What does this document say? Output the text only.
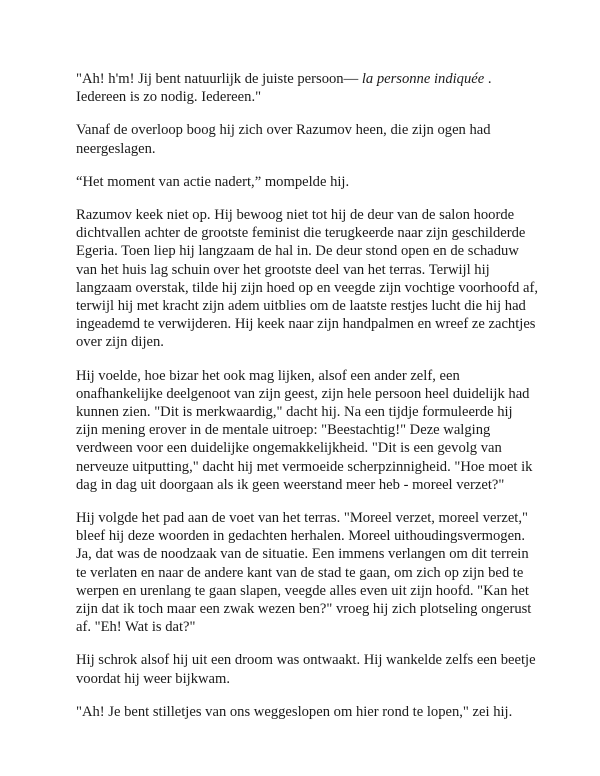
"Ah! h'm! Jij bent natuurlijk de juiste persoon— la personne indiquée . Iedereen is zo nodig. Iedereen."

Vanaf de overloop boog hij zich over Razumov heen, die zijn ogen had neergeslagen.

“Het moment van actie nadert,” mompelde hij.

Razumov keek niet op. Hij bewoog niet tot hij de deur van de salon hoorde dichtvallen achter de grootste feminist die terugkeerde naar zijn geschilderde Egeria. Toen liep hij langzaam de hal in. De deur stond open en de schaduw van het huis lag schuin over het grootste deel van het terras. Terwijl hij langzaam overstak, tilde hij zijn hoed op en veegde zijn vochtige voorhoofd af, terwijl hij met kracht zijn adem uitblies om de laatste restjes lucht die hij had ingeademd te verwijderen. Hij keek naar zijn handpalmen en wreef ze zachtjes over zijn dijen.

Hij voelde, hoe bizar het ook mag lijken, alsof een ander zelf, een onafhankelijke deelgenoot van zijn geest, zijn hele persoon heel duidelijk had kunnen zien. "Dit is merkwaardig," dacht hij. Na een tijdje formuleerde hij zijn mening erover in de mentale uitroep: "Beestachtig!" Deze walging verdween voor een duidelijke ongemakkelijkheid. "Dit is een gevolg van nerveuze uitputting," dacht hij met vermoeide scherpzinnigheid. "Hoe moet ik dag in dag uit doorgaan als ik geen weerstand meer heb - moreel verzet?"

Hij volgde het pad aan de voet van het terras. "Moreel verzet, moreel verzet," bleef hij deze woorden in gedachten herhalen. Moreel uithoudingsvermogen. Ja, dat was de noodzaak van de situatie. Een immens verlangen om dit terrein te verlaten en naar de andere kant van de stad te gaan, om zich op zijn bed te werpen en urenlang te gaan slapen, veegde alles even uit zijn hoofd. "Kan het zijn dat ik toch maar een zwak wezen ben?" vroeg hij zich plotseling ongerust af. "Eh! Wat is dat?"

Hij schrok alsof hij uit een droom was ontwaakt. Hij wankelde zelfs een beetje voordat hij weer bijkwam.

"Ah! Je bent stilletjes van ons weggeslopen om hier rond te lopen," zei hij.
